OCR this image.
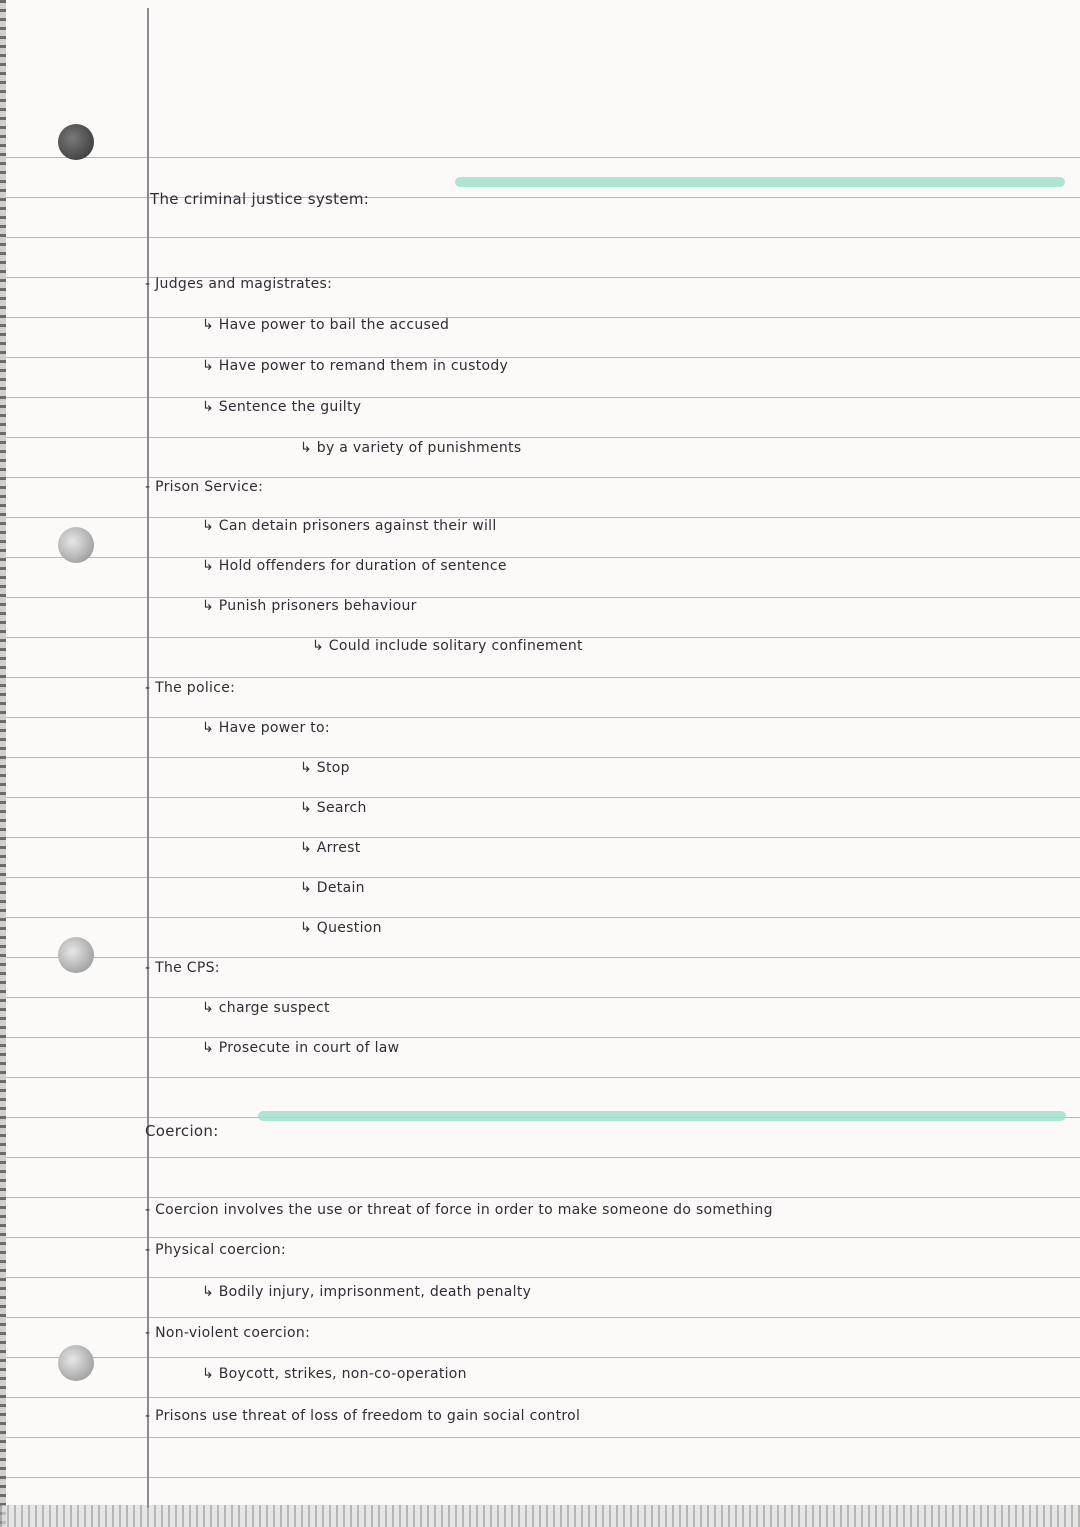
The criminal justice system:
- Judges and magistrates:
↳ Have power to bail the accused
↳ Have power to remand them in custody
↳ Sentence the guilty
↳ by a variety of punishments
- Prison Service:
↳ Can detain prisoners against their will
↳ Hold offenders for duration of sentence
↳ Punish prisoners behaviour
↳ Could include solitary confinement
- The police:
↳ Have power to:
↳ Stop
↳ Search
↳ Arrest
↳ Detain
↳ Question
- The CPS:
↳ charge suspect
↳ Prosecute in court of law
Coercion:
- Coercion involves the use or threat of force in order to make someone do something
- Physical coercion:
↳ Bodily injury, imprisonment, death penalty
- Non-violent coercion:
↳ Boycott, strikes, non-co-operation
- Prisons use threat of loss of freedom to gain social control
